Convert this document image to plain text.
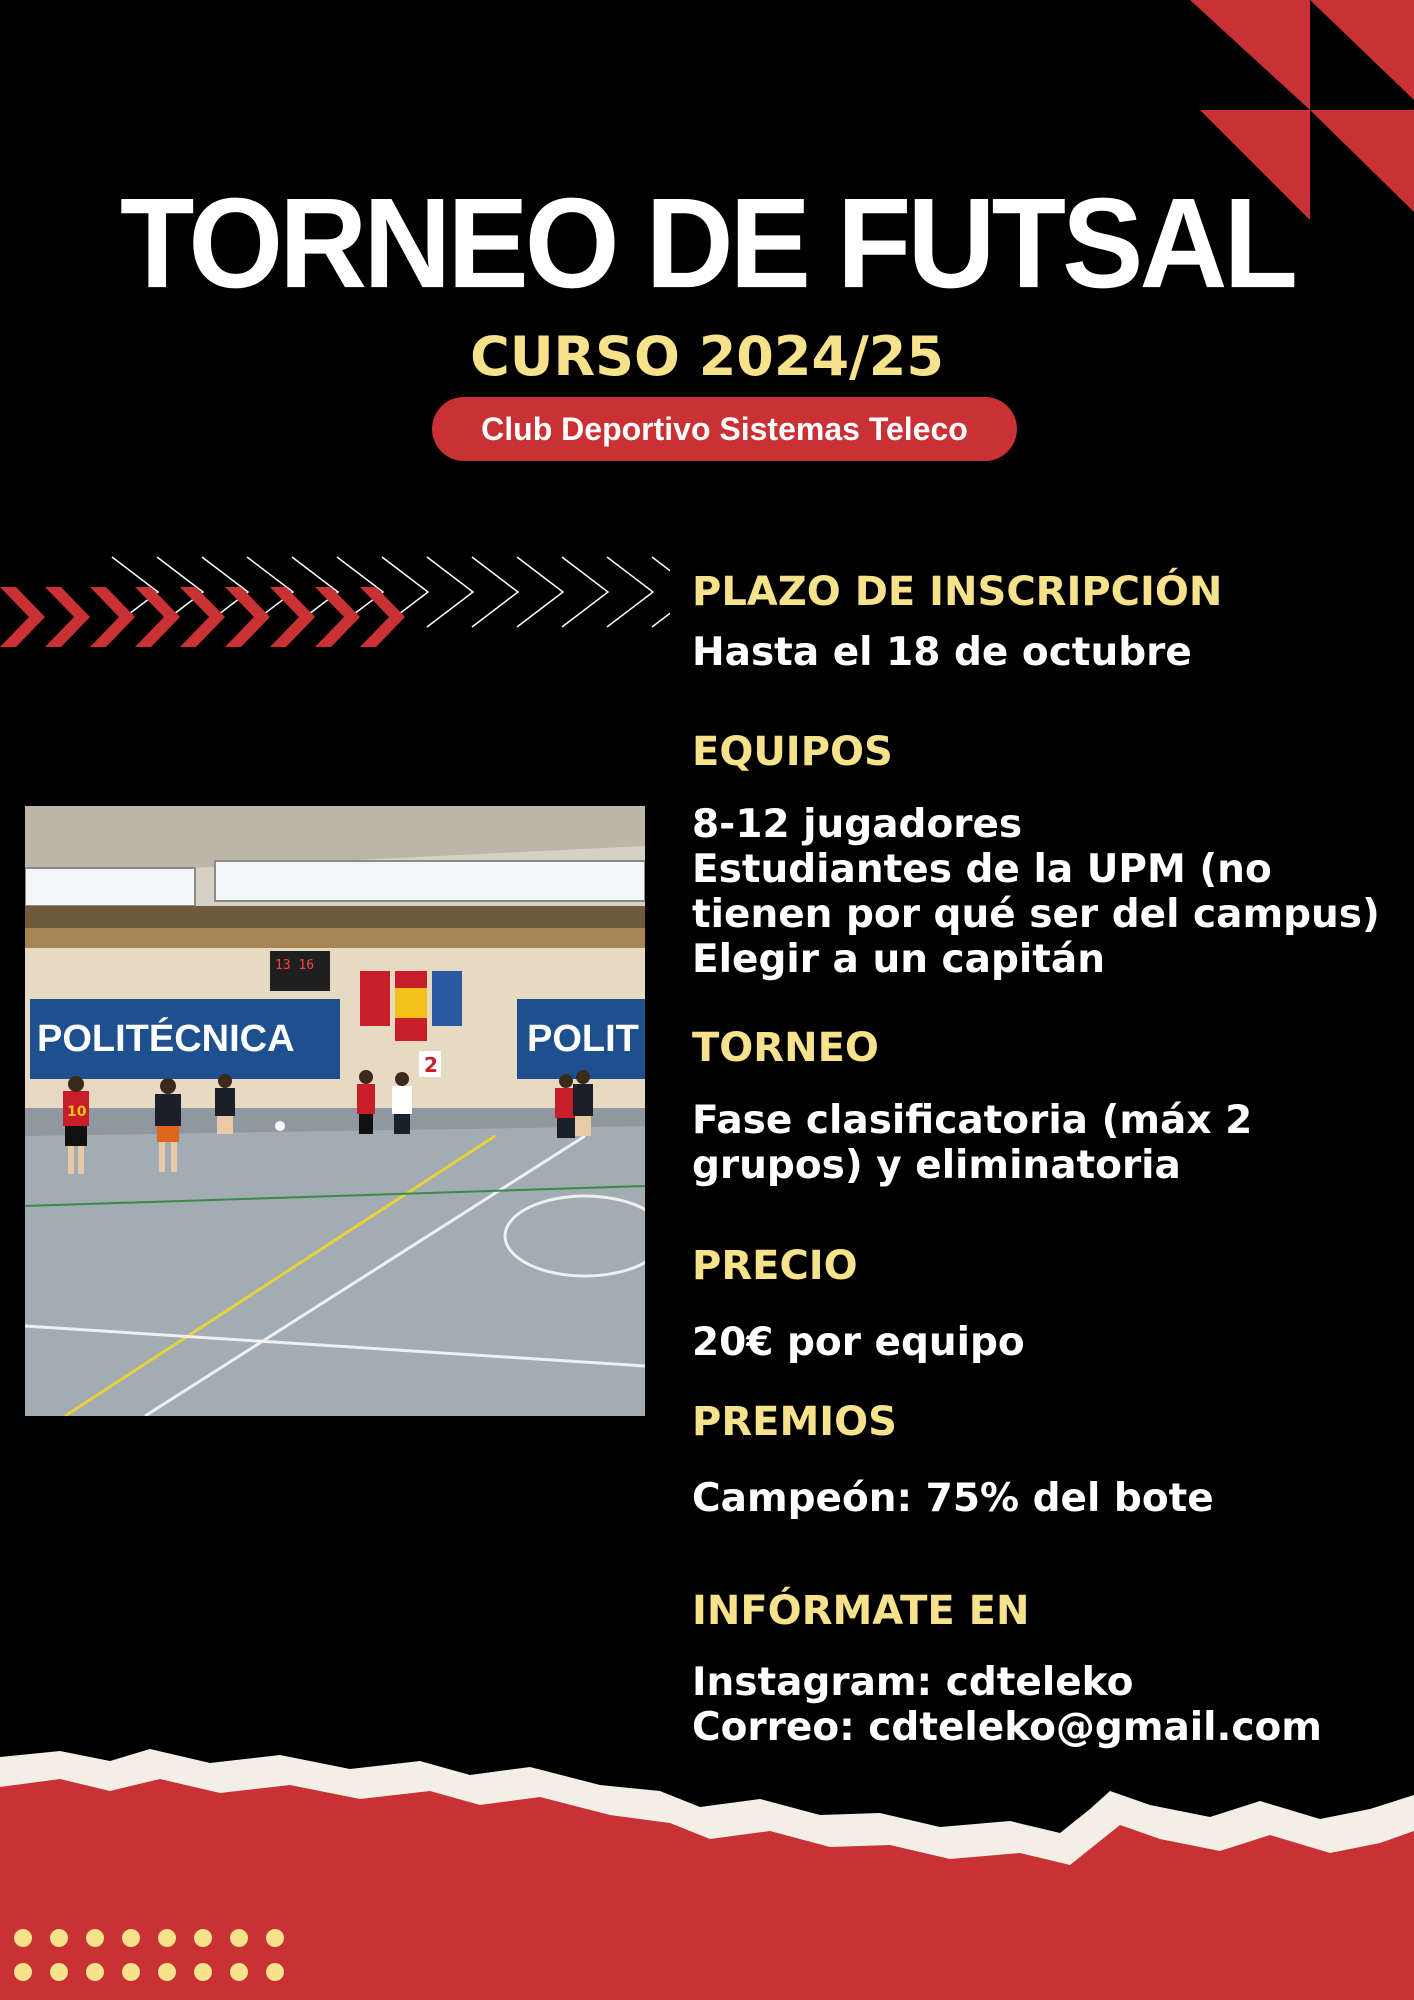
TORNEO DE FUTSAL
CURSO 2024/25
Club Deportivo Sistemas Teleco
13 16
POLITÉCNICA	POLIT
2
10
PLAZO DE INSCRIPCIÓN
Hasta el 18 de octubre
EQUIPOS
8-12 jugadores
Estudiantes de la UPM (no
tienen por qué ser del campus)
Elegir a un capitán
TORNEO
Fase clasificatoria (máx 2
grupos) y eliminatoria
PRECIO
20€ por equipo
PREMIOS
Campeón: 75% del bote
INFÓRMATE EN
Instagram: cdteleko
Correo: cdteleko@gmail.com
